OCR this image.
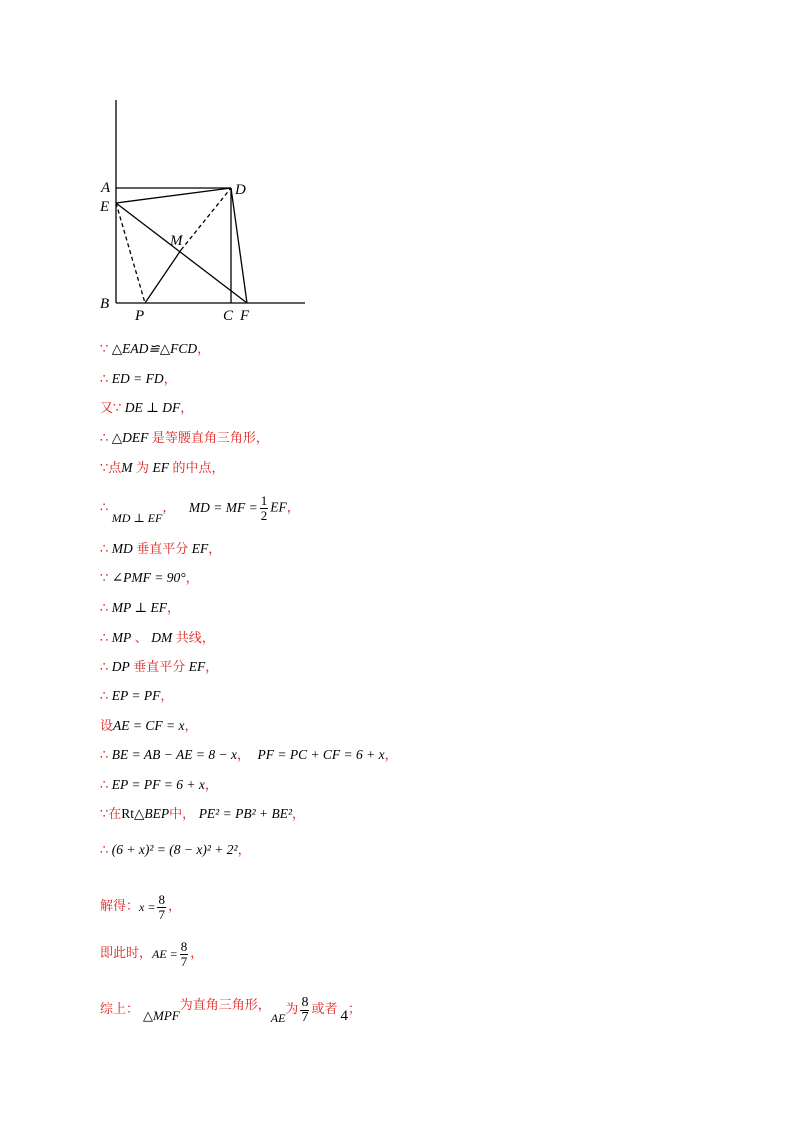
A	D
E
M
B
P	C F
∵ △EAD≌△FCD，
∴ ED = FD，
又∵ DE ⊥ DF，
∴ △DEF 是等腰直角三角形，
∵点M 为 EF 的中点，
∴ MD ⊥ EF， MD = MF = $\frac{1}{2}$ EF，
∴ MD 垂直平分 EF，
∵ ∠PMF = 90°，
∴ MP ⊥ EF，
∴ MP 、 DM 共线，
∴ DP 垂直平分 EF，
∴ EP = PF，
设AE = CF = x，
∴ BE = AB − AE = 8 − x， PF = PC + CF = 6 + x，
∴ EP = PF = 6 + x，
∵在Rt△BEP中， PE² = PB² + BE²，
∴ (6 + x)² = (8 − x)² + 2²，
解得： $x = \frac{8}{7}$ ，
即此时， AE = $\frac{8}{7}$ ，
综上： △MPF
为直角三角形，
AE
为 $\frac{8}{7}$ 或者 4 ；
